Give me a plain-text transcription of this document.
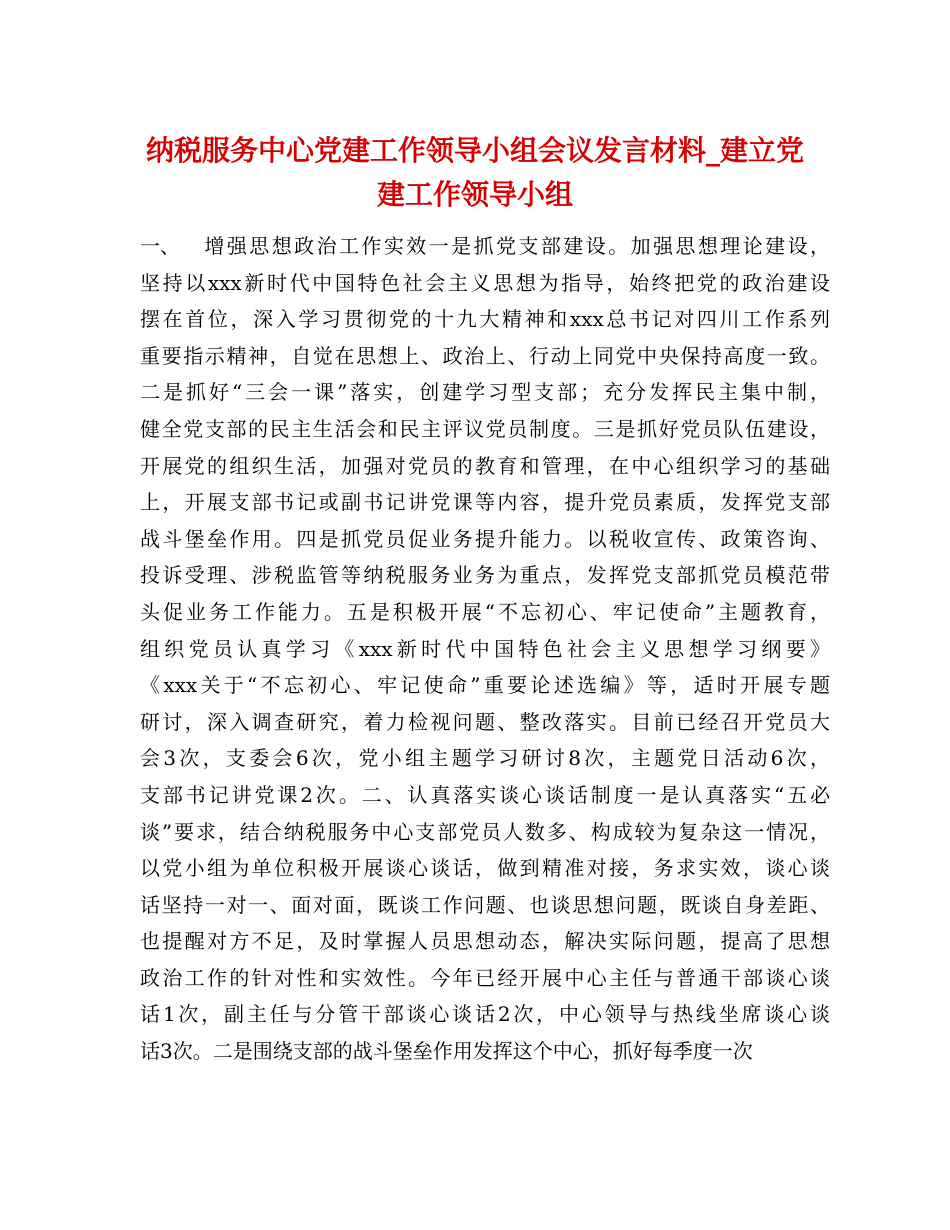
纳税服务中心党建工作领导小组会议发言材料_建立党
建工作领导小组
一、 增强思想政治工作实效一是抓党支部建设。加强思想理论建设，
坚持以xxx新时代中国特色社会主义思想为指导，始终把党的政治建设
摆在首位，深入学习贯彻党的十九大精神和xxx总书记对四川工作系列
重要指示精神，自觉在思想上、政治上、行动上同党中央保持高度一致。
二是抓好“三会一课”落实，创建学习型支部；充分发挥民主集中制，
健全党支部的民主生活会和民主评议党员制度。三是抓好党员队伍建设，
开展党的组织生活，加强对党员的教育和管理，在中心组织学习的基础
上，开展支部书记或副书记讲党课等内容，提升党员素质，发挥党支部
战斗堡垒作用。四是抓党员促业务提升能力。以税收宣传、政策咨询、
投诉受理、涉税监管等纳税服务业务为重点，发挥党支部抓党员模范带
头促业务工作能力。五是积极开展“不忘初心、牢记使命”主题教育，
组织党员认真学习《xxx新时代中国特色社会主义思想学习纲要》
《xxx关于“不忘初心、牢记使命”重要论述选编》等，适时开展专题
研讨，深入调查研究，着力检视问题、整改落实。目前已经召开党员大
会3次，支委会6次，党小组主题学习研讨8次，主题党日活动6次，
支部书记讲党课2次。二、认真落实谈心谈话制度一是认真落实“五必
谈”要求，结合纳税服务中心支部党员人数多、构成较为复杂这一情况，
以党小组为单位积极开展谈心谈话，做到精准对接，务求实效，谈心谈
话坚持一对一、面对面，既谈工作问题、也谈思想问题，既谈自身差距、
也提醒对方不足，及时掌握人员思想动态，解决实际问题，提高了思想
政治工作的针对性和实效性。今年已经开展中心主任与普通干部谈心谈
话1次，副主任与分管干部谈心谈话2次，中心领导与热线坐席谈心谈
话3次。二是围绕支部的战斗堡垒作用发挥这个中心，抓好每季度一次
